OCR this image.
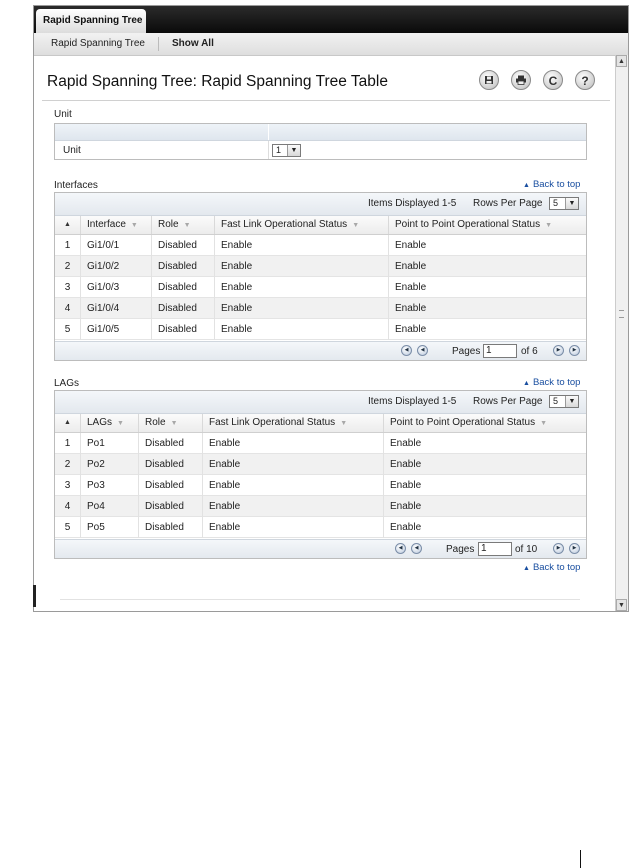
Rapid Spanning Tree
Rapid Spanning Tree	Show All
▲
▼
Rapid Spanning Tree: Rapid Spanning Tree Table	C	?
Unit
Unit	1	▼
Interfaces	▲ Back to top
Items Displayed 1-5 Rows Per Page 5	▼
▲	Interface ▼	Role ▼	Fast Link Operational Status ▼	Point to Point Operational Status ▼
1	Gi1/0/1	Disabled	Enable	Enable
2	Gi1/0/2	Disabled	Enable	Enable
3	Gi1/0/3	Disabled	Enable	Enable
4	Gi1/0/4	Disabled	Enable	Enable
5	Gi1/0/5	Disabled	Enable	Enable
◀	◀	Pages 1	of 6	▶	▶
LAGs	▲ Back to top
Items Displayed 1-5 Rows Per Page 5	▼
▲	LAGs ▼	Role ▼	Fast Link Operational Status ▼	Point to Point Operational Status ▼
1	Po1	Disabled	Enable	Enable
2	Po2	Disabled	Enable	Enable
3	Po3	Disabled	Enable	Enable
4	Po4	Disabled	Enable	Enable
5	Po5	Disabled	Enable	Enable
◀	◀	Pages 1	of 10	▶	▶
▲ Back to top
